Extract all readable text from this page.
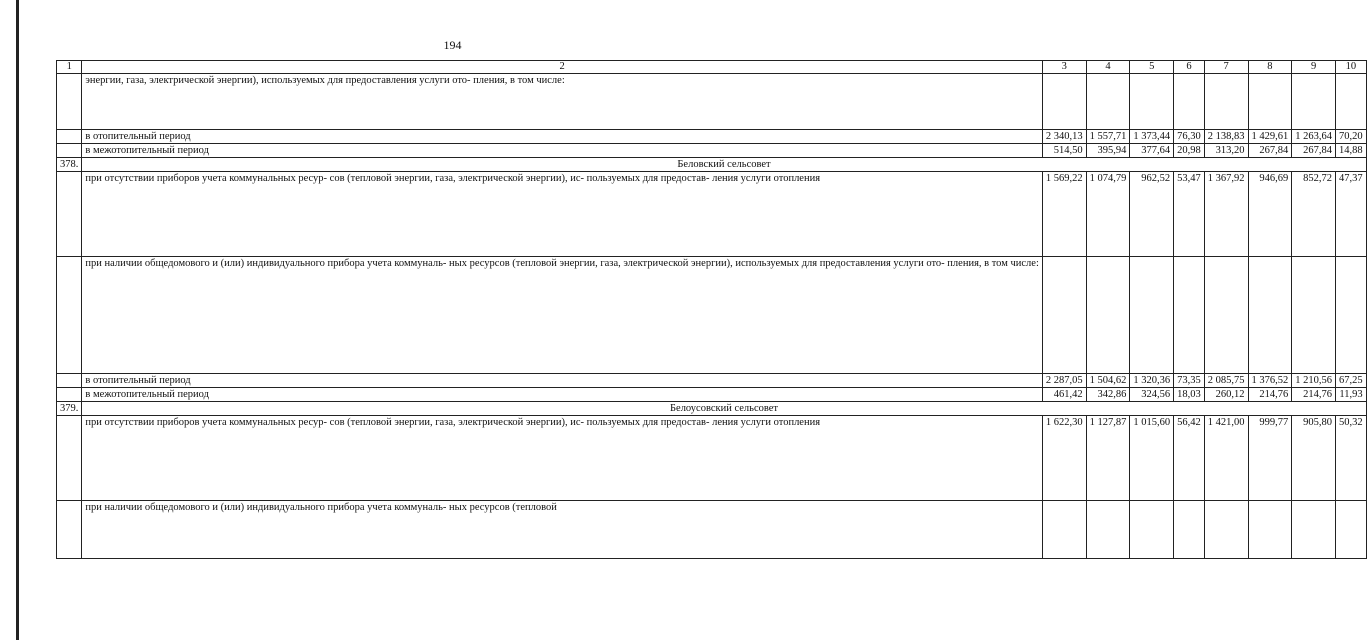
194
1	2	3	4	5	6	7	8	9	10
	энергии, газа, электрической энергии), используемых для предоставления услуги ото- пления, в том числе:								
	в отопительный период	2 340,13	1 557,71	1 373,44	76,30	2 138,83	1 429,61	1 263,64	70,20
	в межотопительный период	514,50	395,94	377,64	20,98	313,20	267,84	267,84	14,88
378.	Беловский сельсовет								
	при отсутствии приборов учета коммунальных ресур- сов (тепловой энергии, газа, электрической энергии), ис- пользуемых для предостав- ления услуги отопления	1 569,22	1 074,79	962,52	53,47	1 367,92	946,69	852,72	47,37
	при наличии общедомового и (или) индивидуального прибора учета коммуналь- ных ресурсов (тепловой энергии, газа, электрической энергии), используемых для предоставления услуги ото- пления, в том числе:								
	в отопительный период	2 287,05	1 504,62	1 320,36	73,35	2 085,75	1 376,52	1 210,56	67,25
	в межотопительный период	461,42	342,86	324,56	18,03	260,12	214,76	214,76	11,93
379.	Белоусовский сельсовет								
	при отсутствии приборов учета коммунальных ресур- сов (тепловой энергии, газа, электрической энергии), ис- пользуемых для предостав- ления услуги отопления	1 622,30	1 127,87	1 015,60	56,42	1 421,00	999,77	905,80	50,32
	при наличии общедомового и (или) индивидуального прибора учета коммуналь- ных ресурсов (тепловой								
